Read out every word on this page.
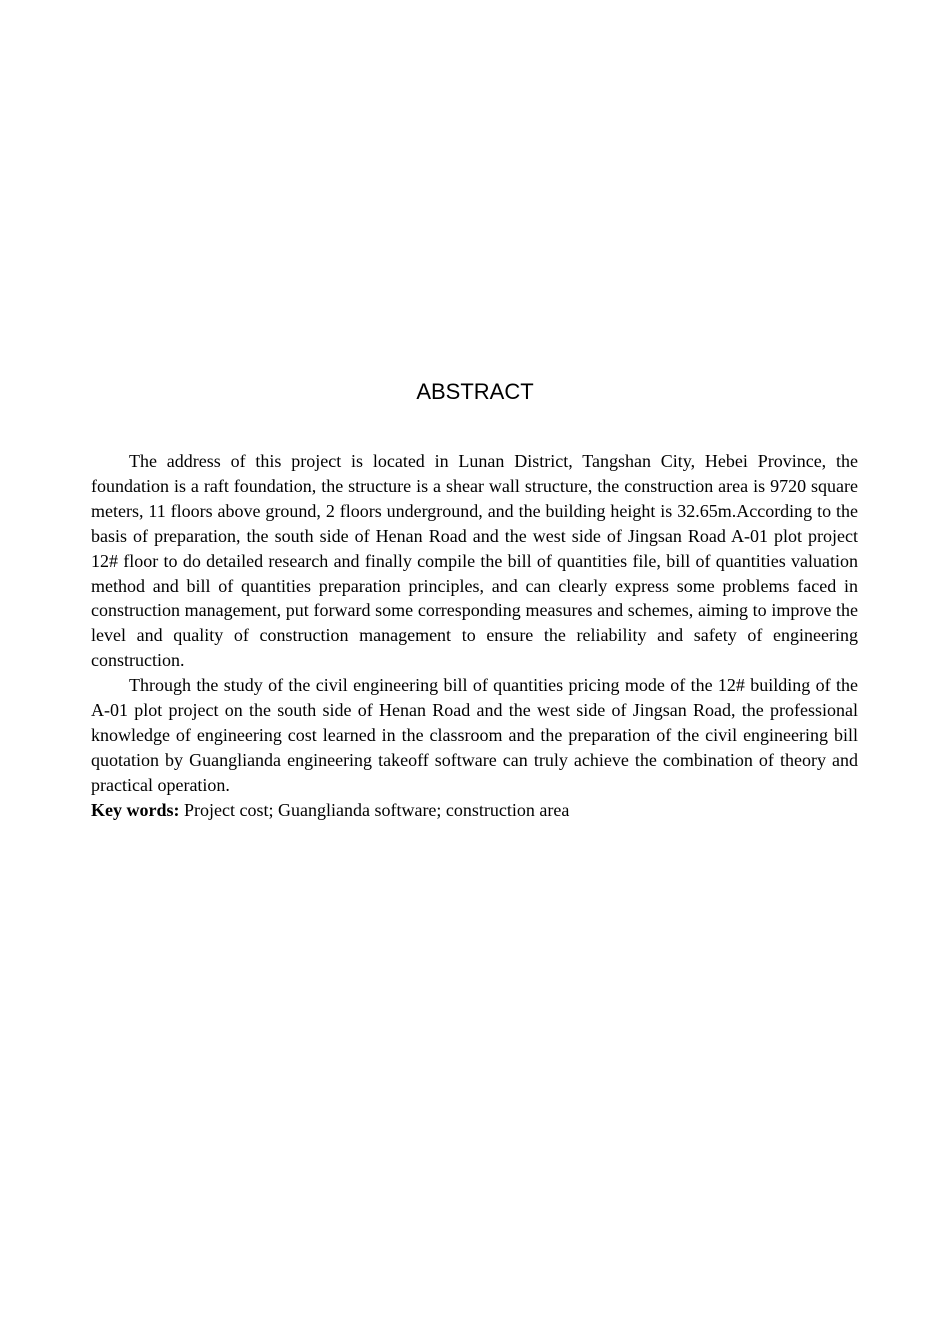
ABSTRACT

The address of this project is located in Lunan District, Tangshan City, Hebei Province, the foundation is a raft foundation, the structure is a shear wall structure, the construction area is 9720 square meters, 11 floors above ground, 2 floors underground, and the building height is 32.65m.According to the basis of preparation, the south side of Henan Road and the west side of Jingsan Road A-01 plot project 12# floor to do detailed research and finally compile the bill of quantities file, bill of quantities valuation method and bill of quantities preparation principles, and can clearly express some problems faced in construction management, put forward some corresponding measures and schemes, aiming to improve the level and quality of construction management to ensure the reliability and safety of engineering construction.

Through the study of the civil engineering bill of quantities pricing mode of the 12# building of the A-01 plot project on the south side of Henan Road and the west side of Jingsan Road, the professional knowledge of engineering cost learned in the classroom and the preparation of the civil engineering bill quotation by Guanglianda engineering takeoff software can truly achieve the combination of theory and practical operation.

Key words: Project cost; Guanglianda software; construction area
